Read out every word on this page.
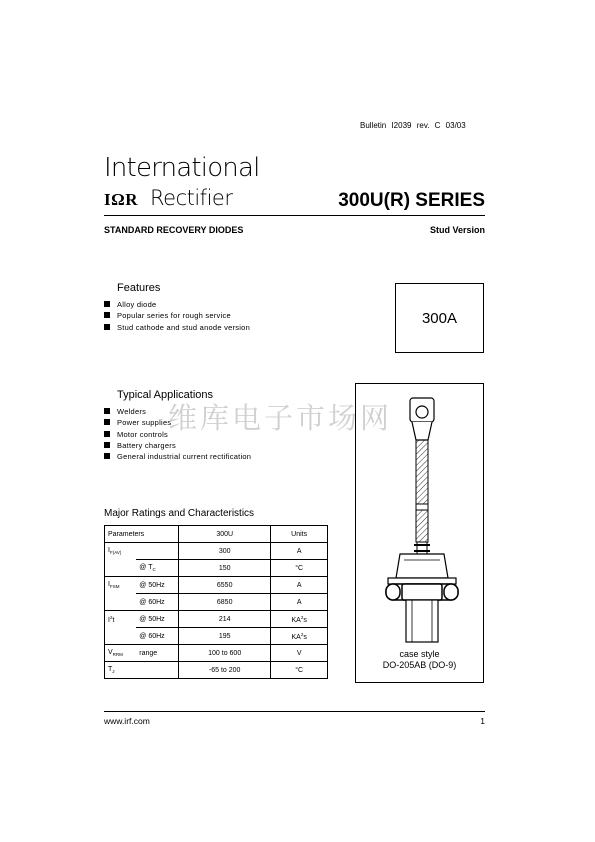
Bulletin I2039 rev. C 03/03
International
IΩR Rectifier	300U(R) SERIES
STANDARD RECOVERY DIODES	Stud Version
Features
Alloy diode
Popular series for rough service
Stud cathode and stud anode version
300A
Typical Applications
Welders
Power supplies
Motor controls
Battery chargers
General industrial current rectification
维库电子市场网
case style
DO-205AB (DO-9)
Major Ratings and Characteristics
Parameters		300U	Units
$I_{F(AV)}$		300	A
	@ $T_C$	150	°C
$I_{FSM}$	@ 50Hz	6550	A
	@ 60Hz	6850	A
$I^2t$	@ 50Hz	214	$KA^2s$
	@ 60Hz	195	$KA^2s$
$V_{RRM}$	range	100 to 600	V
$T_J$		-65 to 200	°C
www.irf.com	1
